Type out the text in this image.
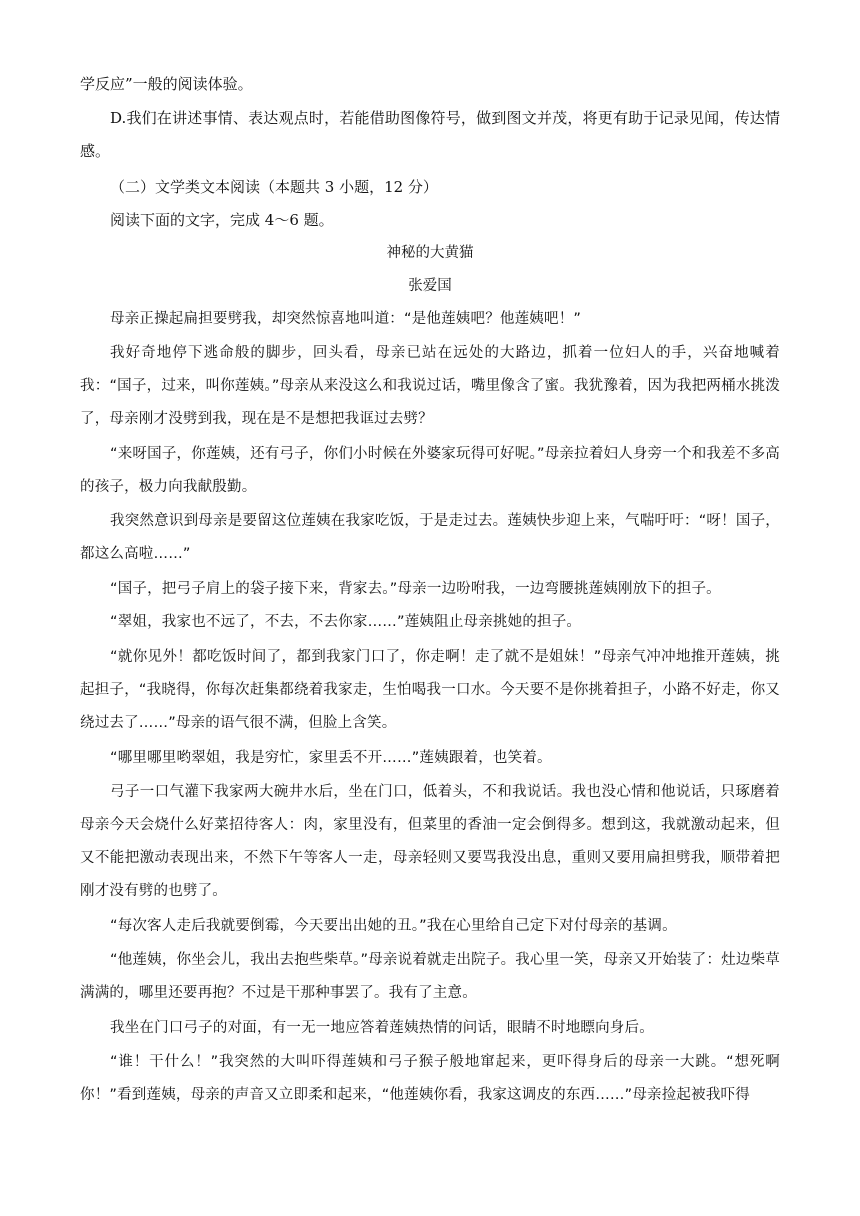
学反应”一般的阅读体验。

D.我们在讲述事情、表达观点时，若能借助图像符号，做到图文并茂，将更有助于记录见闻，传达情感。

（二）文学类文本阅读（本题共 3 小题，12 分）

阅读下面的文字，完成 4～6 题。

神秘的大黄猫

张爱国

母亲正操起扁担要劈我，却突然惊喜地叫道：“是他莲姨吧？他莲姨吧！”

我好奇地停下逃命般的脚步，回头看，母亲已站在远处的大路边，抓着一位妇人的手，兴奋地喊着我：“国子，过来，叫你莲姨。”母亲从来没这么和我说过话，嘴里像含了蜜。我犹豫着，因为我把两桶水挑泼了，母亲刚才没劈到我，现在是不是想把我诓过去劈？

“来呀国子，你莲姨，还有弓子，你们小时候在外婆家玩得可好呢。”母亲拉着妇人身旁一个和我差不多高的孩子，极力向我献殷勤。

我突然意识到母亲是要留这位莲姨在我家吃饭，于是走过去。莲姨快步迎上来，气喘吁吁：“呀！国子，都这么高啦……”

“国子，把弓子肩上的袋子接下来，背家去。”母亲一边吩咐我，一边弯腰挑莲姨刚放下的担子。

“翠姐，我家也不远了，不去，不去你家……”莲姨阻止母亲挑她的担子。

“就你见外！都吃饭时间了，都到我家门口了，你走啊！走了就不是姐妹！”母亲气冲冲地推开莲姨，挑起担子，“我晓得，你每次赶集都绕着我家走，生怕喝我一口水。今天要不是你挑着担子，小路不好走，你又绕过去了……”母亲的语气很不满，但脸上含笑。

“哪里哪里哟翠姐，我是穷忙，家里丢不开……”莲姨跟着，也笑着。

弓子一口气灌下我家两大碗井水后，坐在门口，低着头，不和我说话。我也没心情和他说话，只琢磨着母亲今天会烧什么好菜招待客人：肉，家里没有，但菜里的香油一定会倒得多。想到这，我就激动起来，但又不能把激动表现出来，不然下午等客人一走，母亲轻则又要骂我没出息，重则又要用扁担劈我，顺带着把刚才没有劈的也劈了。

“每次客人走后我就要倒霉，今天要出出她的丑。”我在心里给自己定下对付母亲的基调。

“他莲姨，你坐会儿，我出去抱些柴草。”母亲说着就走出院子。我心里一笑，母亲又开始装了：灶边柴草满满的，哪里还要再抱？不过是干那种事罢了。我有了主意。

我坐在门口弓子的对面，有一无一地应答着莲姨热情的问话，眼睛不时地瞟向身后。

“谁！干什么！”我突然的大叫吓得莲姨和弓子猴子般地窜起来，更吓得身后的母亲一大跳。“想死啊你！”看到莲姨，母亲的声音又立即柔和起来，“他莲姨你看，我家这调皮的东西……”母亲捡起被我吓得
